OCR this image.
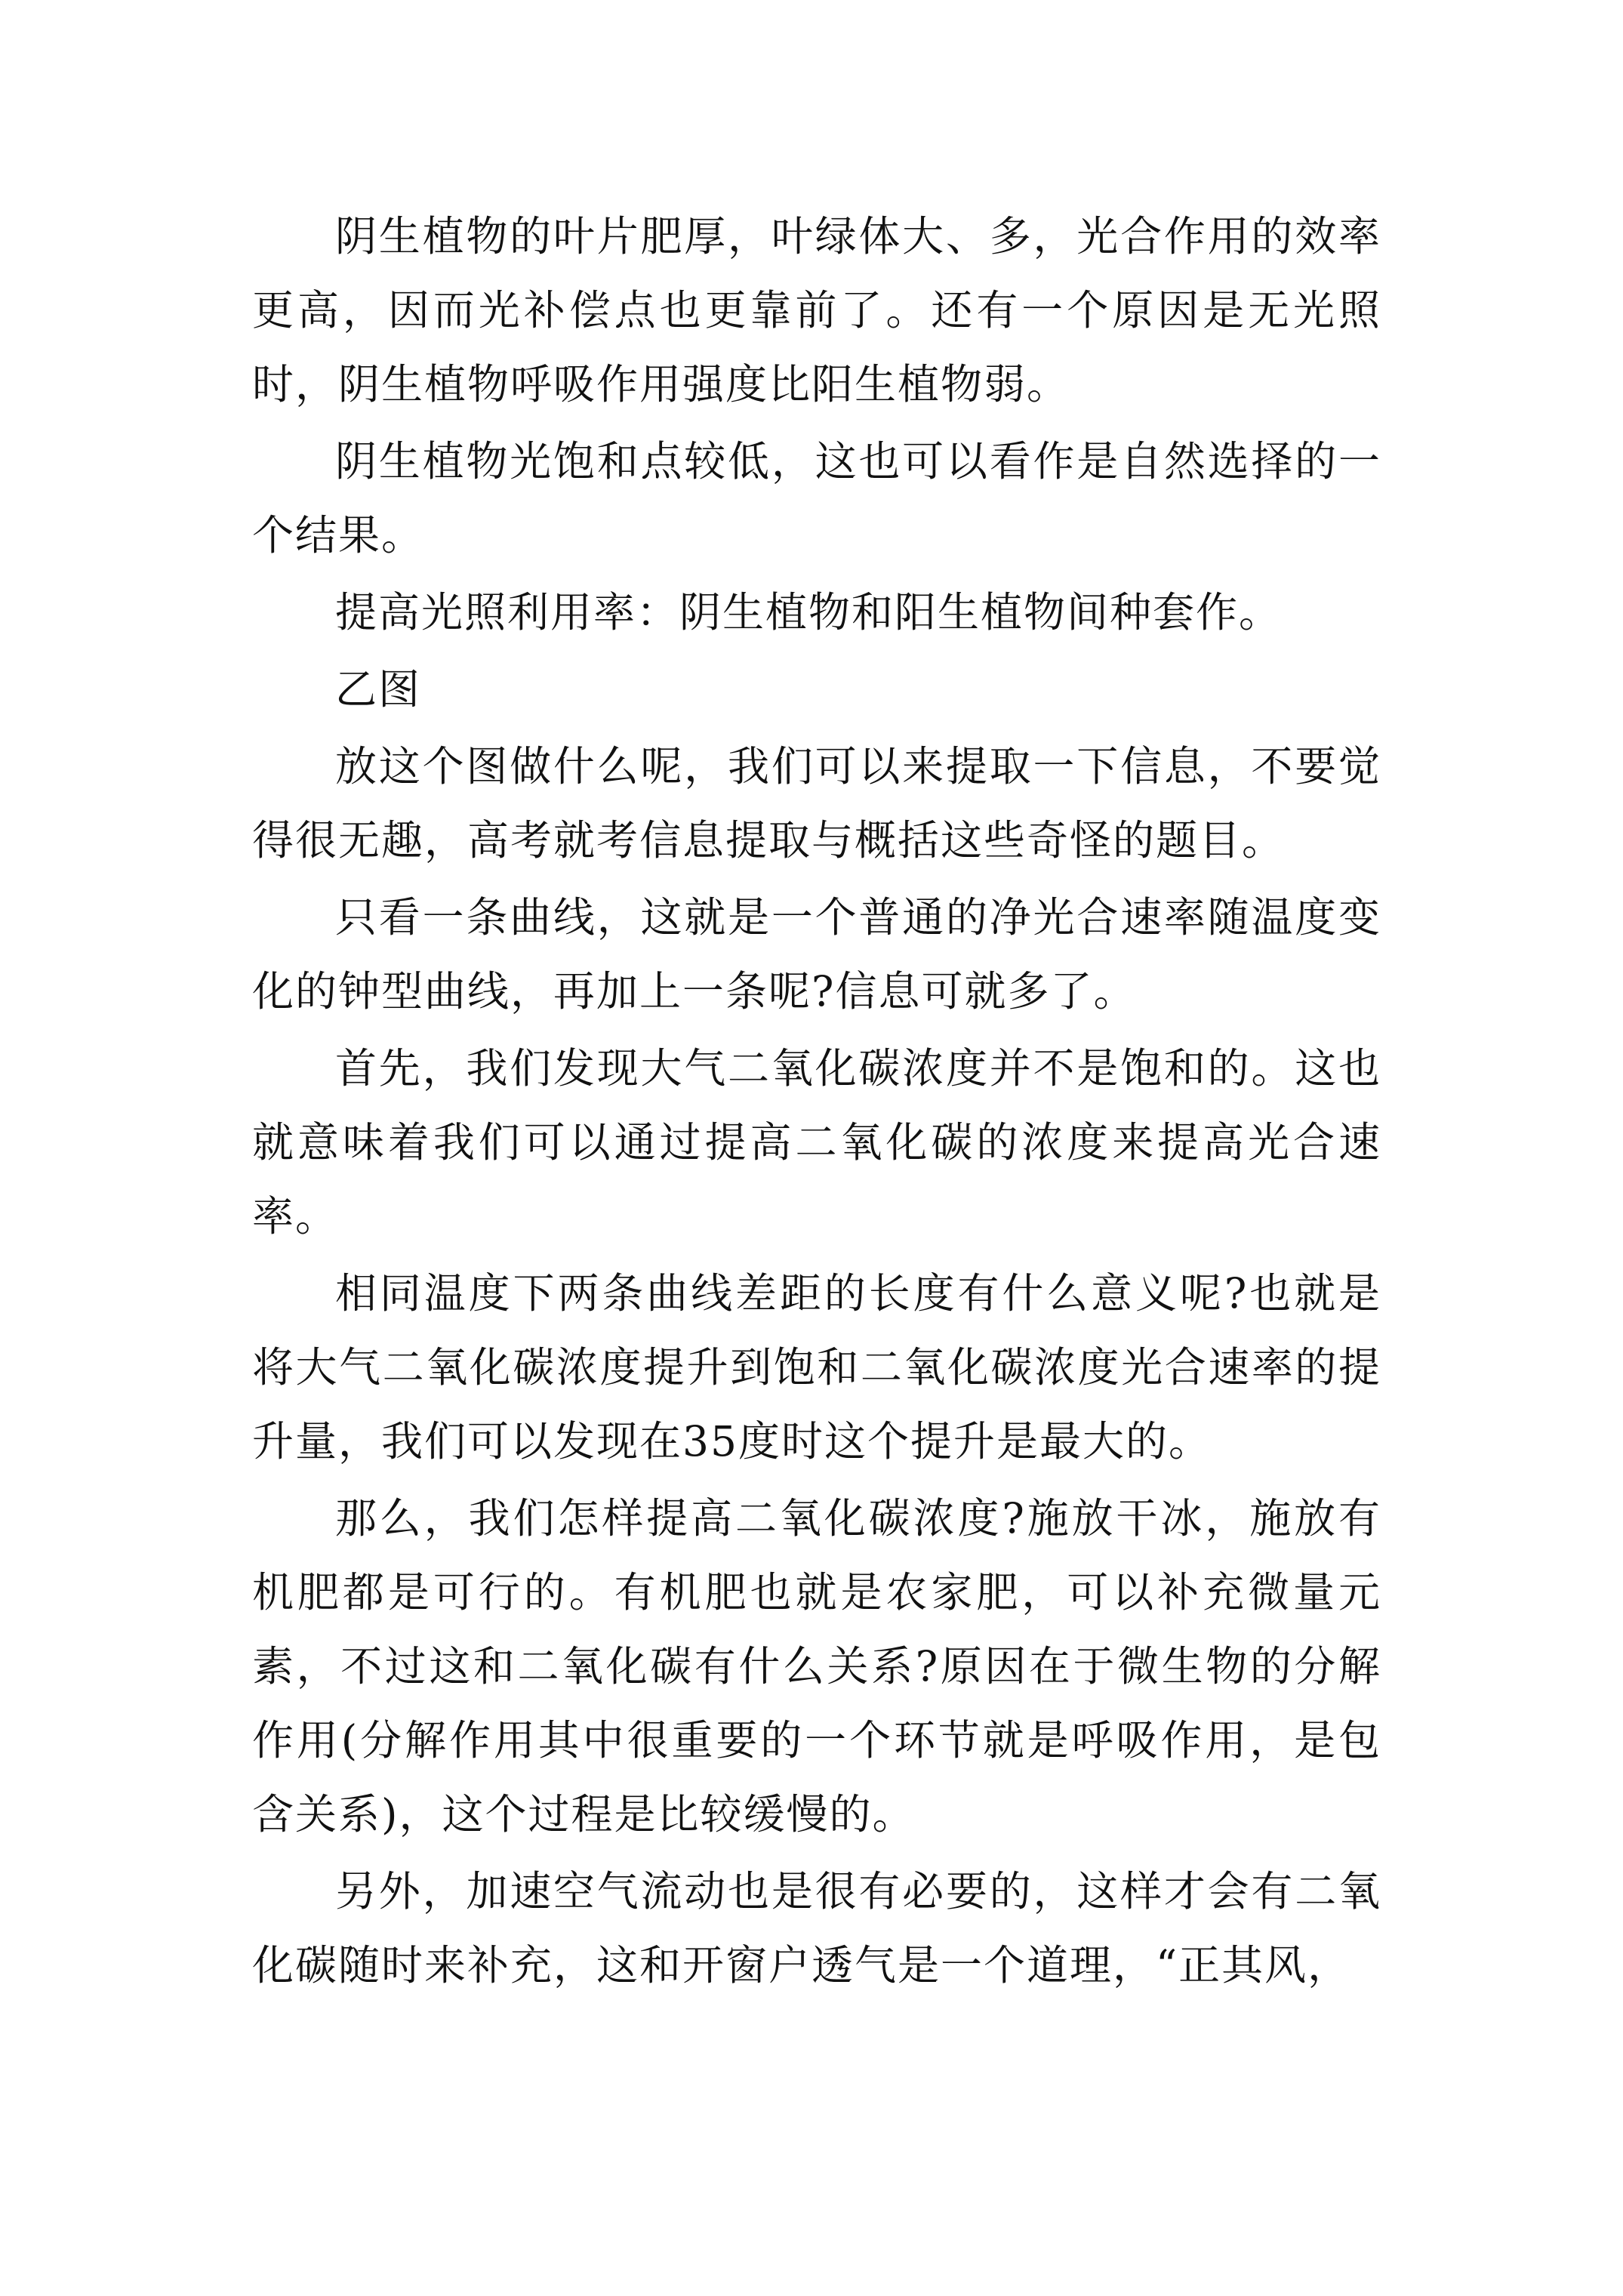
阴生植物的叶片肥厚，叶绿体大、多，光合作用的效率更高，因而光补偿点也更靠前了。还有一个原因是无光照时，阴生植物呼吸作用强度比阳生植物弱。

阴生植物光饱和点较低，这也可以看作是自然选择的一个结果。

提高光照利用率：阴生植物和阳生植物间种套作。

乙图

放这个图做什么呢，我们可以来提取一下信息，不要觉得很无趣，高考就考信息提取与概括这些奇怪的题目。

只看一条曲线，这就是一个普通的净光合速率随温度变化的钟型曲线，再加上一条呢?信息可就多了。

首先，我们发现大气二氧化碳浓度并不是饱和的。这也就意味着我们可以通过提高二氧化碳的浓度来提高光合速率。

相同温度下两条曲线差距的长度有什么意义呢?也就是将大气二氧化碳浓度提升到饱和二氧化碳浓度光合速率的提升量，我们可以发现在35度时这个提升是最大的。

那么，我们怎样提高二氧化碳浓度?施放干冰，施放有机肥都是可行的。有机肥也就是农家肥，可以补充微量元素，不过这和二氧化碳有什么关系?原因在于微生物的分解作用(分解作用其中很重要的一个环节就是呼吸作用，是包含关系)，这个过程是比较缓慢的。

另外，加速空气流动也是很有必要的，这样才会有二氧化碳随时来补充，这和开窗户透气是一个道理，“正其风，
